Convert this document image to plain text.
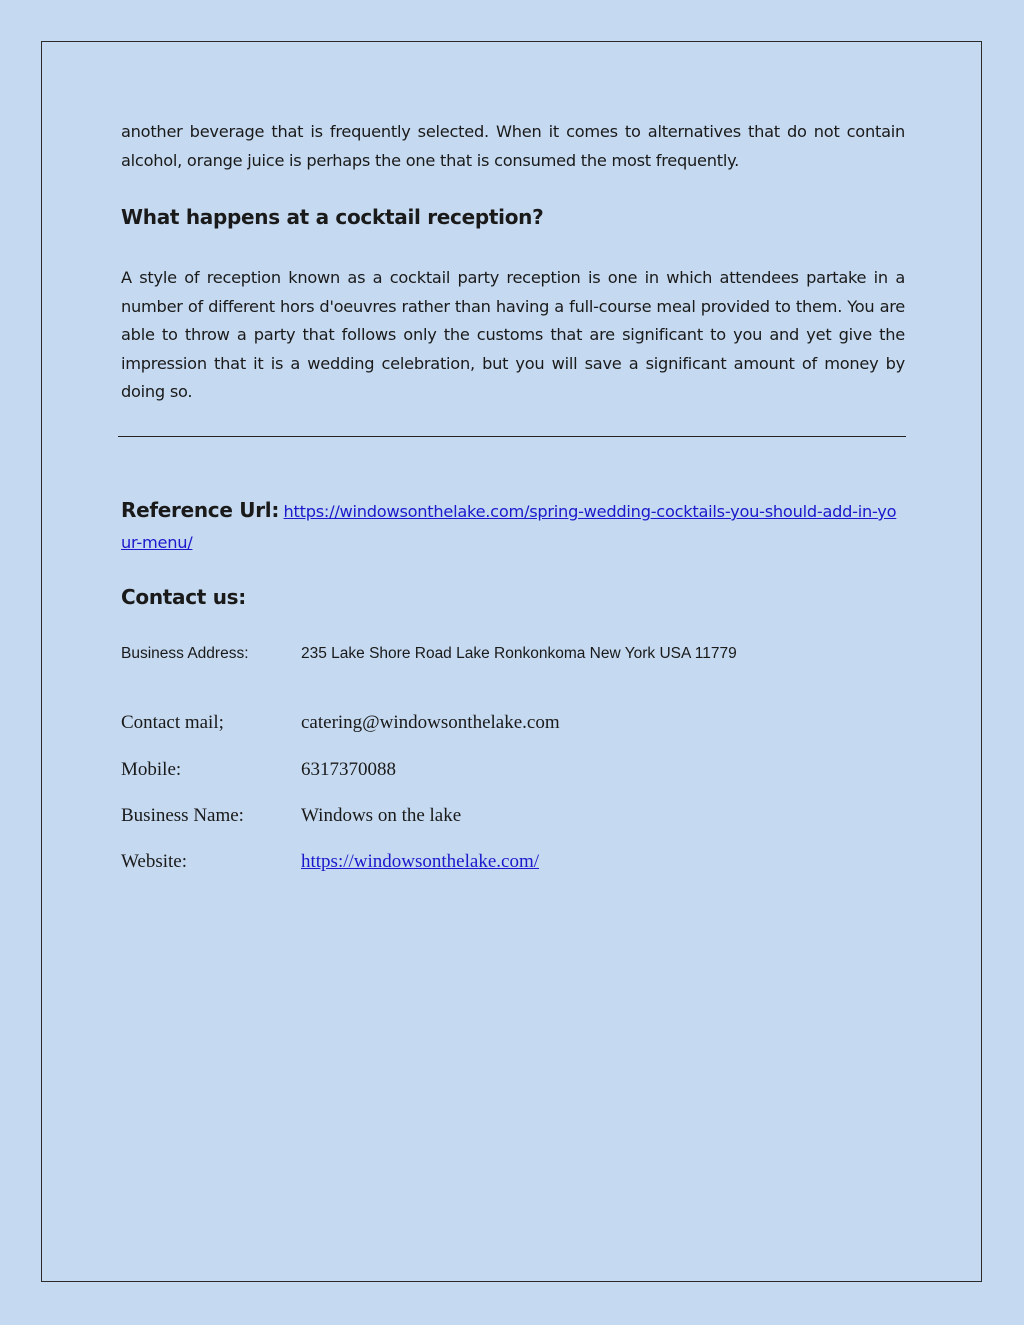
another beverage that is frequently selected. When it comes to alternatives that do not contain alcohol, orange juice is perhaps the one that is consumed the most frequently.

What happens at a cocktail reception?

A style of reception known as a cocktail party reception is one in which attendees partake in a number of different hors d'oeuvres rather than having a full-course meal provided to them. You are able to throw a party that follows only the customs that are significant to you and yet give the impression that it is a wedding celebration, but you will save a significant amount of money by doing so.

Reference Url: https://windowsonthelake.com/spring-wedding-cocktails-you-should-add-in-your-menu/
Contact us:
Business Address:	235 Lake Shore Road Lake Ronkonkoma New York USA 11779
Contact mail;	catering@windowsonthelake.com
Mobile:	6317370088
Business Name:	Windows on the lake
Website:	https://windowsonthelake.com/
